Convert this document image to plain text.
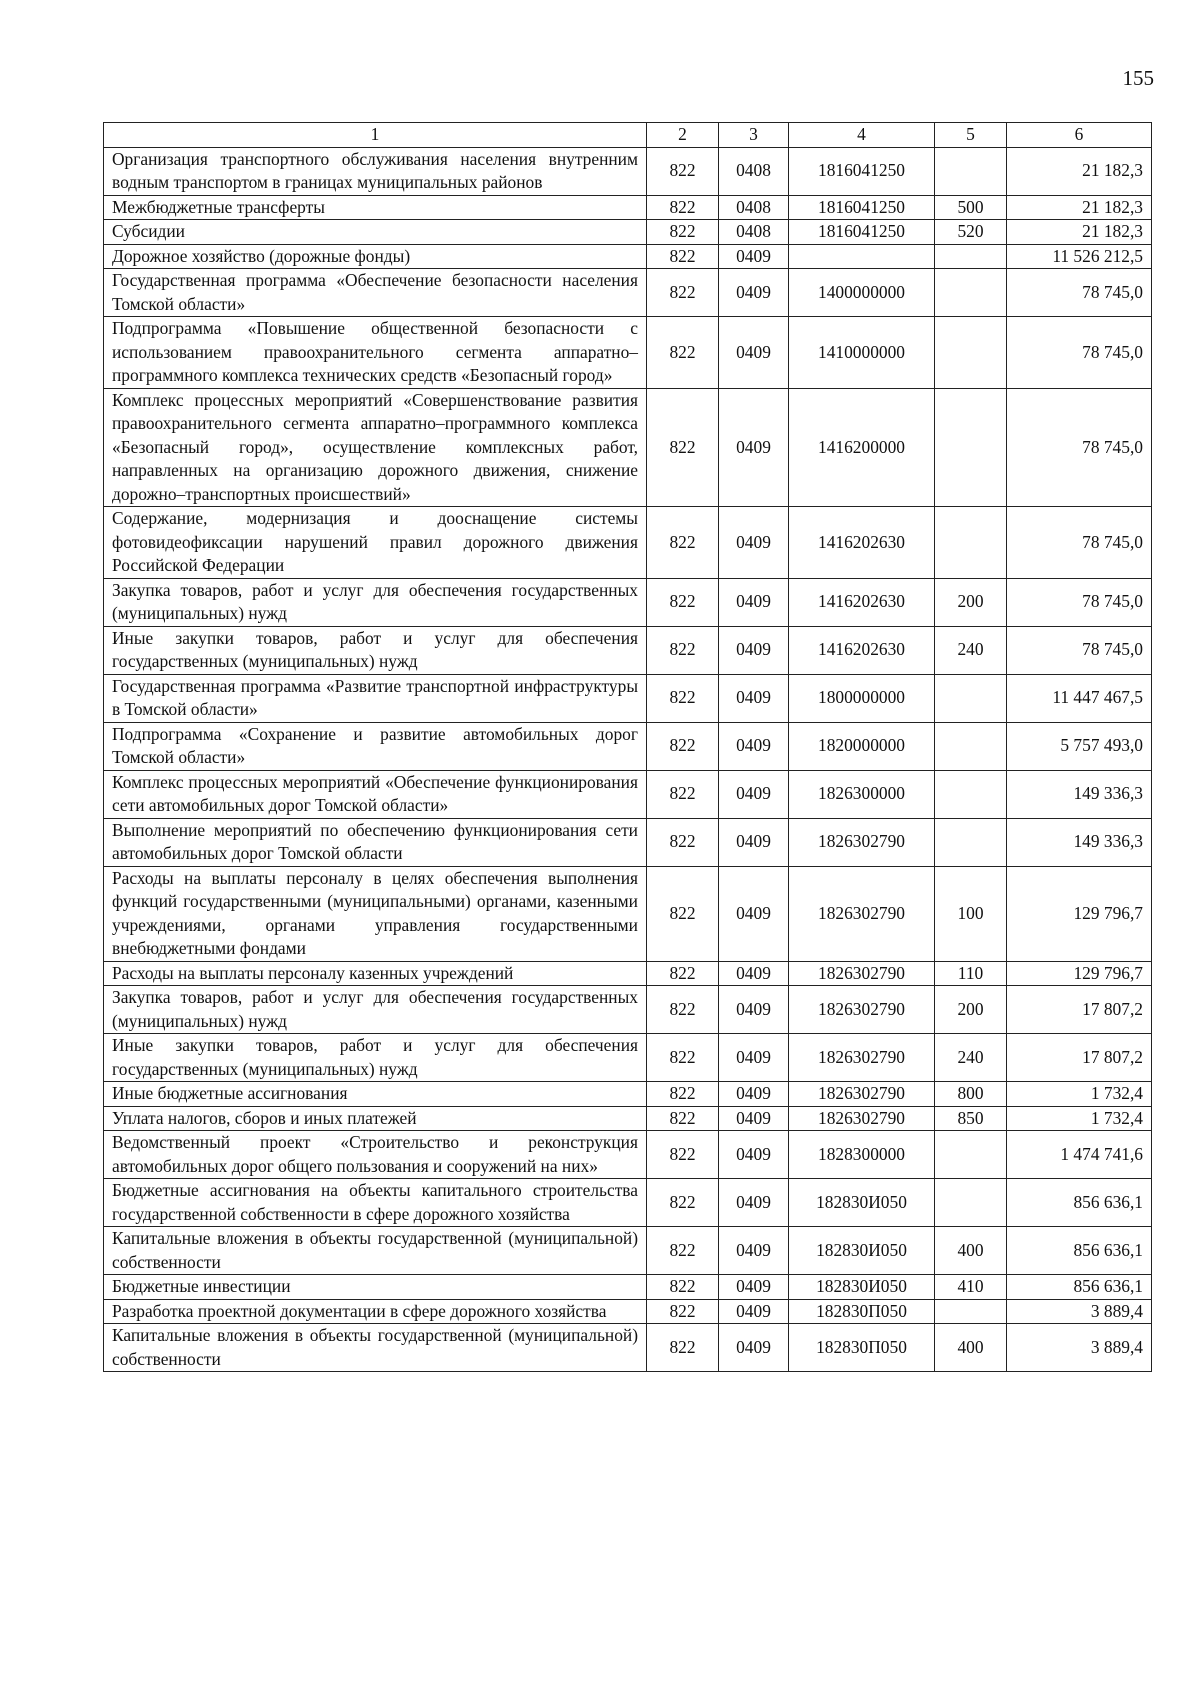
155
1	2	3	4	5	6
Организация транспортного обслуживания населения внутренним водным транспортом в границах муниципальных районов	822	0408	1816041250		21 182,3
Межбюджетные трансферты	822	0408	1816041250	500	21 182,3
Субсидии	822	0408	1816041250	520	21 182,3
Дорожное хозяйство (дорожные фонды)	822	0409			11 526 212,5
Государственная программа «Обеспечение безопасности населения Томской области»	822	0409	1400000000		78 745,0
Подпрограмма «Повышение общественной безопасности с использованием правоохранительного сегмента аппаратно–программного комплекса технических средств «Безопасный город»	822	0409	1410000000		78 745,0
Комплекс процессных мероприятий «Совершенствование развития правоохранительного сегмента аппаратно–программного комплекса «Безопасный город», осуществление комплексных работ, направленных на организацию дорожного движения, снижение дорожно–транспортных происшествий»	822	0409	1416200000		78 745,0
Содержание, модернизация и дооснащение системы фотовидеофиксации нарушений правил дорожного движения Российской Федерации	822	0409	1416202630		78 745,0
Закупка товаров, работ и услуг для обеспечения государственных (муниципальных) нужд	822	0409	1416202630	200	78 745,0
Иные закупки товаров, работ и услуг для обеспечения государственных (муниципальных) нужд	822	0409	1416202630	240	78 745,0
Государственная программа «Развитие транспортной инфраструктуры в Томской области»	822	0409	1800000000		11 447 467,5
Подпрограмма «Сохранение и развитие автомобильных дорог Томской области»	822	0409	1820000000		5 757 493,0
Комплекс процессных мероприятий «Обеспечение функционирования сети автомобильных дорог Томской области»	822	0409	1826300000		149 336,3
Выполнение мероприятий по обеспечению функционирования сети автомобильных дорог Томской области	822	0409	1826302790		149 336,3
Расходы на выплаты персоналу в целях обеспечения выполнения функций государственными (муниципальными) органами, казенными учреждениями, органами управления государственными внебюджетными фондами	822	0409	1826302790	100	129 796,7
Расходы на выплаты персоналу казенных учреждений	822	0409	1826302790	110	129 796,7
Закупка товаров, работ и услуг для обеспечения государственных (муниципальных) нужд	822	0409	1826302790	200	17 807,2
Иные закупки товаров, работ и услуг для обеспечения государственных (муниципальных) нужд	822	0409	1826302790	240	17 807,2
Иные бюджетные ассигнования	822	0409	1826302790	800	1 732,4
Уплата налогов, сборов и иных платежей	822	0409	1826302790	850	1 732,4
Ведомственный проект «Строительство и реконструкция автомобильных дорог общего пользования и сооружений на них»	822	0409	1828300000		1 474 741,6
Бюджетные ассигнования на объекты капитального строительства государственной собственности в сфере дорожного хозяйства	822	0409	182830И050		856 636,1
Капитальные вложения в объекты государственной (муниципальной) собственности	822	0409	182830И050	400	856 636,1
Бюджетные инвестиции	822	0409	182830И050	410	856 636,1
Разработка проектной документации в сфере дорожного хозяйства	822	0409	182830П050		3 889,4
Капитальные вложения в объекты государственной (муниципальной) собственности	822	0409	182830П050	400	3 889,4
